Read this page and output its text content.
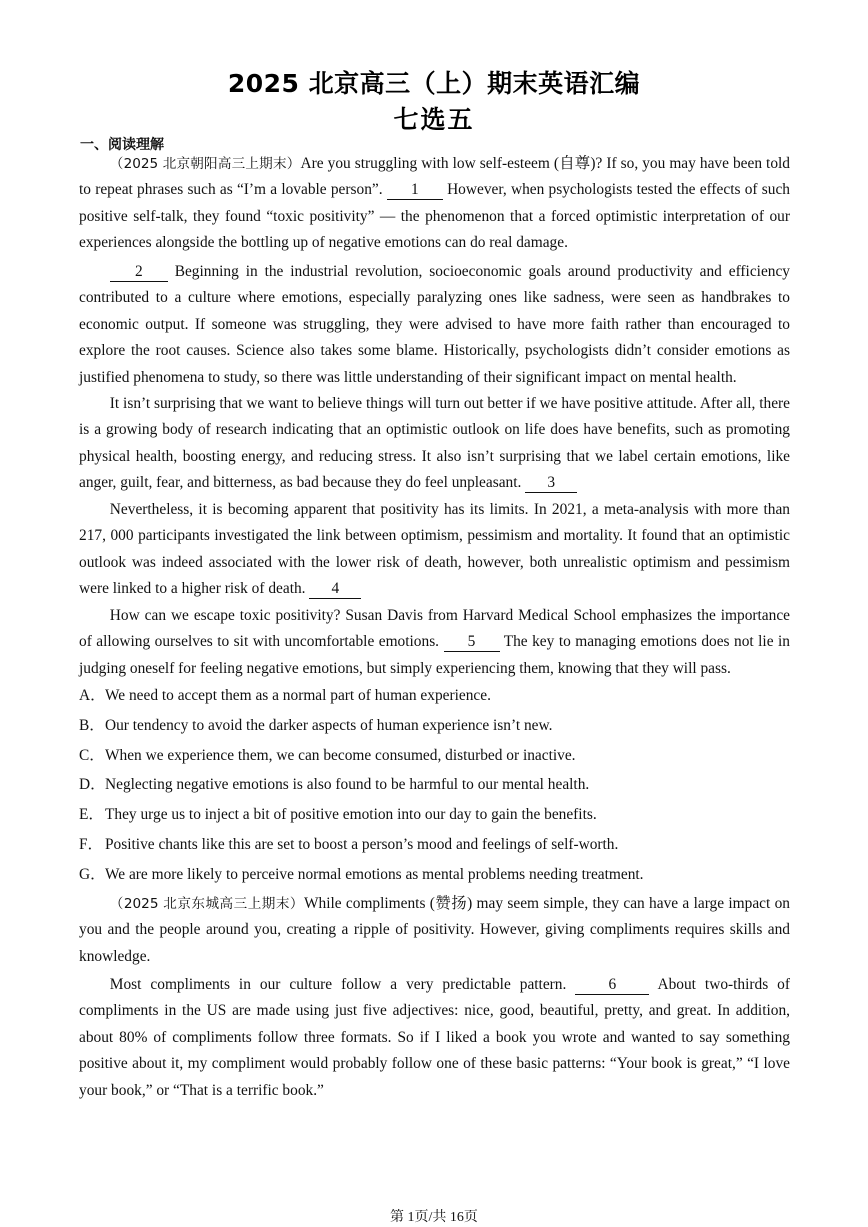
2025 北京高三（上）期末英语汇编
七选五
一、阅读理解

（2025 北京朝阳高三上期末）Are you struggling with low self-esteem (自尊)? If so, you may have been told to repeat phrases such as “I’m a lovable person”. 1 However, when psychologists tested the effects of such positive self-talk, they found “toxic positivity” — the phenomenon that a forced optimistic interpretation of our experiences alongside the bottling up of negative emotions can do real damage.

2 Beginning in the industrial revolution, socioeconomic goals around productivity and efficiency contributed to a culture where emotions, especially paralyzing ones like sadness, were seen as handbrakes to economic output. If someone was struggling, they were advised to have more faith rather than encouraged to explore the root causes. Science also takes some blame. Historically, psychologists didn’t consider emotions as justified phenomena to study, so there was little understanding of their significant impact on mental health.

It isn’t surprising that we want to believe things will turn out better if we have positive attitude. After all, there is a growing body of research indicating that an optimistic outlook on life does have benefits, such as promoting physical health, boosting energy, and reducing stress. It also isn’t surprising that we label certain emotions, like anger, guilt, fear, and bitterness, as bad because they do feel unpleasant. 3

Nevertheless, it is becoming apparent that positivity has its limits. In 2021, a meta-analysis with more than 217, 000 participants investigated the link between optimism, pessimism and mortality. It found that an optimistic outlook was indeed associated with the lower risk of death, however, both unrealistic optimism and pessimism were linked to a higher risk of death. 4

How can we escape toxic positivity? Susan Davis from Harvard Medical School emphasizes the importance of allowing ourselves to sit with uncomfortable emotions. 5 The key to managing emotions does not lie in judging oneself for feeling negative emotions, but simply experiencing them, knowing that they will pass.

A．We need to accept them as a normal part of human experience.
B．Our tendency to avoid the darker aspects of human experience isn’t new.
C．When we experience them, we can become consumed, disturbed or inactive.
D．Neglecting negative emotions is also found to be harmful to our mental health.
E．They urge us to inject a bit of positive emotion into our day to gain the benefits.
F． Positive chants like this are set to boost a person’s mood and feelings of self-worth.
G．We are more likely to perceive normal emotions as mental problems needing treatment.

（2025 北京东城高三上期末）While compliments (赞扬) may seem simple, they can have a large impact on you and the people around you, creating a ripple of positivity. However, giving compliments requires skills and knowledge.

Most compliments in our culture follow a very predictable pattern. 6 About two-thirds of compliments in the US are made using just five adjectives: nice, good, beautiful, pretty, and great. In addition, about 80% of compliments follow three formats. So if I liked a book you wrote and wanted to say something positive about it, my compliment would probably follow one of these basic patterns: “Your book is great,” “I love your book,” or “That is a terrific book.”

第 1页/共 16页
